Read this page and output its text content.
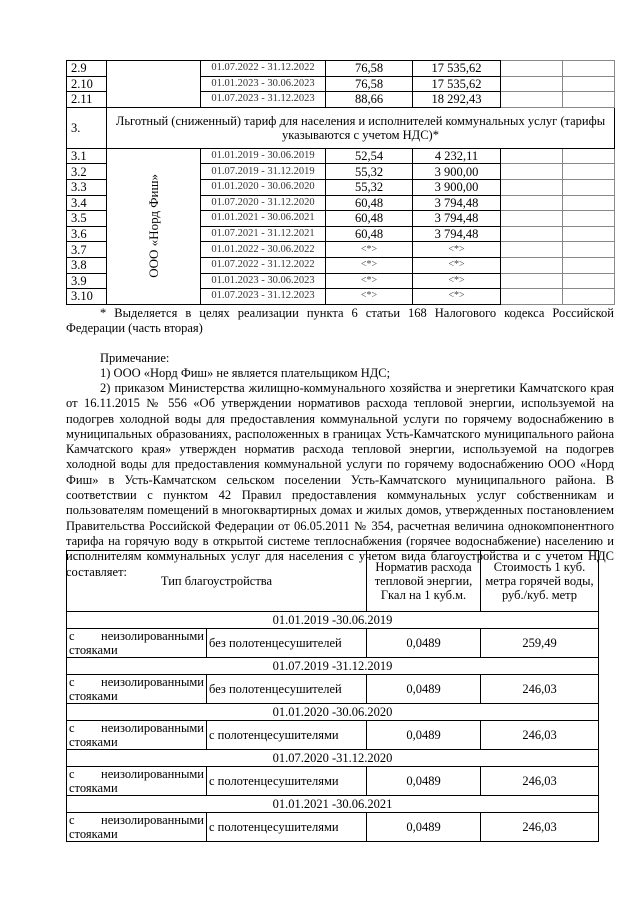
2.9		01.07.2022 - 31.12.2022	76,58	17 535,62		
2.10		01.01.2023 - 30.06.2023	76,58	17 535,62		
2.11		01.07.2023 - 31.12.2023	88,66	18 292,43		
3.	Льготный (сниженный) тариф для населения и исполнителей коммунальных услуг (тарифы указываются с учетом НДС)*					
3.1	ООО «Норд Фиш»	01.01.2019 - 30.06.2019	52,54	4 232,11		
3.2		01.07.2019 - 31.12.2019	55,32	3 900,00		
3.3		01.01.2020 - 30.06.2020	55,32	3 900,00		
3.4		01.07.2020 - 31.12.2020	60,48	3 794,48		
3.5		01.01.2021 - 30.06.2021	60,48	3 794,48		
3.6		01.07.2021 - 31.12.2021	60,48	3 794,48		
3.7		01.01.2022 - 30.06.2022	<*>	<*>		
3.8		01.07.2022 - 31.12.2022	<*>	<*>		
3.9		01.01.2023 - 30.06.2023	<*>	<*>		
3.10		01.07.2023 - 31.12.2023	<*>	<*>		
* Выделяется в целях реализации пункта 6 статьи 168 Налогового кодекса Российской Федерации (часть вторая)
Примечание:
1) ООО «Норд Фиш» не является плательщиком НДС;
2) приказом Министерства жилищно-коммунального хозяйства и энергетики Камчатского края от 16.11.2015 № 556 «Об утверждении нормативов расхода тепловой энергии, используемой на подогрев холодной воды для предоставления коммунальной услуги по горячему водоснабжению в муниципальных образованиях, расположенных в границах Усть-Камчатского муниципального района Камчатского края» утвержден норматив расхода тепловой энергии, используемой на подогрев холодной воды для предоставления коммунальной услуги по горячему водоснабжению ООО «Норд Фиш» в Усть-Камчатском сельском поселении Усть-Камчатского муниципального района. В соответствии с пунктом 42 Правил предоставления коммунальных услуг собственникам и пользователям помещений в многоквартирных домах и жилых домов, утвержденных постановлением Правительства Российской Федерации от 06.05.2011 № 354, расчетная величина однокомпонентного тарифа на горячую воду в открытой системе теплоснабжения (горячее водоснабжение) населению и исполнителям коммунальных услуг для населения с учетом вида благоустройства и с учетом НДС составляет:
Тип благоустройства		Норматив расхода тепловой энергии, Гкал на 1 куб.м.	Стоимость 1 куб. метра горячей воды, руб./куб. метр
01.01.2019 -30.06.2019			
с неизолированными стояками	без полотенцесушителей	0,0489	259,49
01.07.2019 -31.12.2019			
с неизолированными стояками	без полотенцесушителей	0,0489	246,03
01.01.2020 -30.06.2020			
с неизолированными стояками	с полотенцесушителями	0,0489	246,03
01.07.2020 -31.12.2020			
с неизолированными стояками	с полотенцесушителями	0,0489	246,03
01.01.2021 -30.06.2021			
с неизолированными стояками	с полотенцесушителями	0,0489	246,03
